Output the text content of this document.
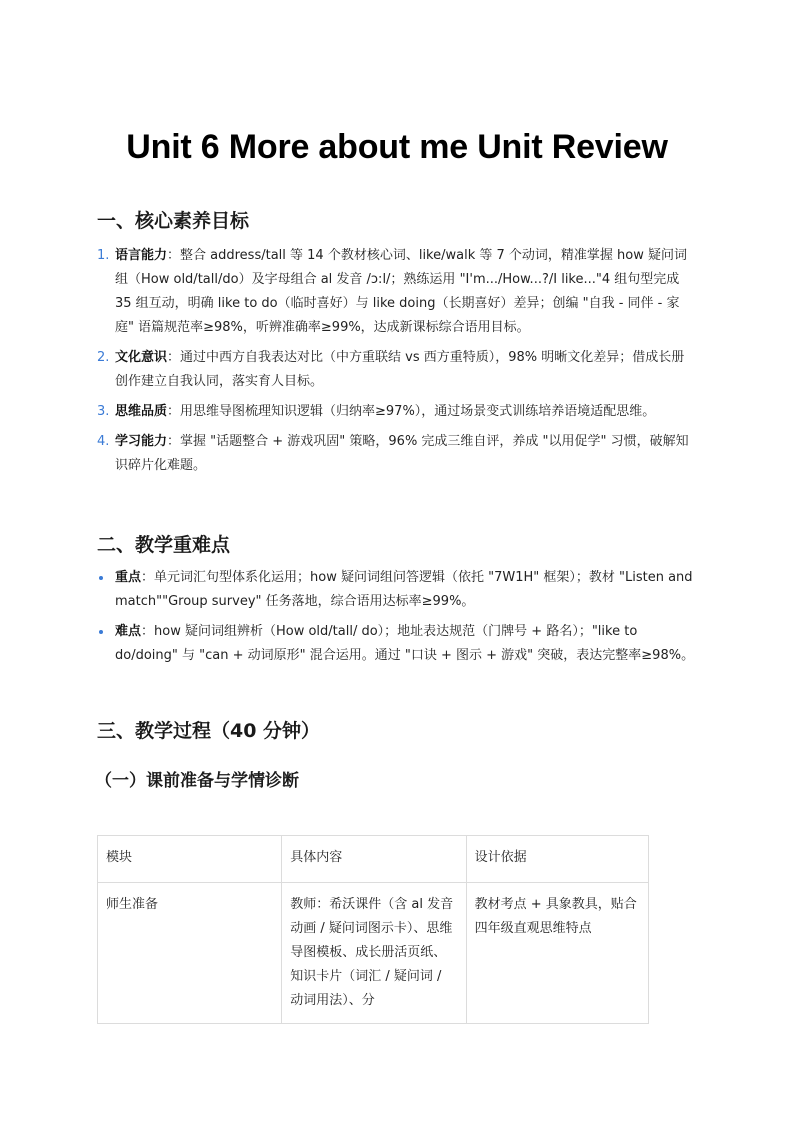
Unit 6 More about me Unit Review
一、核心素养目标
1. 语言能力：整合 address/tall 等 14 个教材核心词、like/walk 等 7 个动词，精准掌握 how 疑问词组（How old/tall/do）及字母组合 al 发音 /ɔ:l/；熟练运用 "I'm.../How...?/I like..."4 组句型完成 35 组互动，明确 like to do（临时喜好）与 like doing（长期喜好）差异；创编 "自我 - 同伴 - 家庭" 语篇规范率≥98%，听辨准确率≥99%，达成新课标综合语用目标。
2. 文化意识：通过中西方自我表达对比（中方重联结 vs 西方重特质），98% 明晰文化差异；借成长册创作建立自我认同，落实育人目标。
3. 思维品质：用思维导图梳理知识逻辑（归纳率≥97%），通过场景变式训练培养语境适配思维。
4. 学习能力：掌握 "话题整合 + 游戏巩固" 策略，96% 完成三维自评，养成 "以用促学" 习惯，破解知识碎片化难题。
二、教学重难点
重点：单元词汇句型体系化运用；how 疑问词组问答逻辑（依托 "7W1H" 框架）；教材 "Listen and match""Group survey" 任务落地，综合语用达标率≥99%。
难点：how 疑问词组辨析（How old/tall/ do）；地址表达规范（门牌号 + 路名）；"like to do/doing" 与 "can + 动词原形" 混合运用。通过 "口诀 + 图示 + 游戏" 突破，表达完整率≥98%。
三、教学过程（40 分钟）
（一）课前准备与学情诊断
模块	具体内容	设计依据
师生准备	教师：希沃课件（含 al 发音动画 / 疑问词图示卡）、思维导图模板、成长册活页纸、知识卡片（词汇 / 疑问词 / 动词用法）、分	教材考点 + 具象教具，贴合四年级直观思维特点
